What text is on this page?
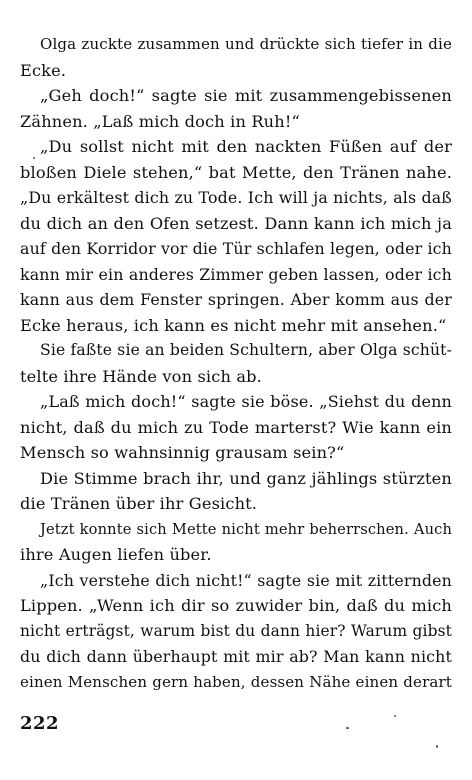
Olga zuckte zusammen und drückte sich tiefer in die
Ecke.
„Geh doch!“ sagte sie mit zusammengebissenen
Zähnen. „Laß mich doch in Ruh!“
„Du sollst nicht mit den nackten Füßen auf der
bloßen Diele stehen,“ bat Mette, den Tränen nahe.
„Du erkältest dich zu Tode. Ich will ja nichts, als daß
du dich an den Ofen setzest. Dann kann ich mich ja
auf den Korridor vor die Tür schlafen legen, oder ich
kann mir ein anderes Zimmer geben lassen, oder ich
kann aus dem Fenster springen. Aber komm aus der
Ecke heraus, ich kann es nicht mehr mit ansehen.“
Sie faßte sie an beiden Schultern, aber Olga schüt-
telte ihre Hände von sich ab.
„Laß mich doch!“ sagte sie böse. „Siehst du denn
nicht, daß du mich zu Tode marterst? Wie kann ein
Mensch so wahnsinnig grausam sein?“
Die Stimme brach ihr, und ganz jählings stürzten
die Tränen über ihr Gesicht.
Jetzt konnte sich Mette nicht mehr beherrschen. Auch
ihre Augen liefen über.
„Ich verstehe dich nicht!“ sagte sie mit zitternden
Lippen. „Wenn ich dir so zuwider bin, daß du mich
nicht erträgst, warum bist du dann hier? Warum gibst
du dich dann überhaupt mit mir ab? Man kann nicht
einen Menschen gern haben, dessen Nähe einen derart
222
